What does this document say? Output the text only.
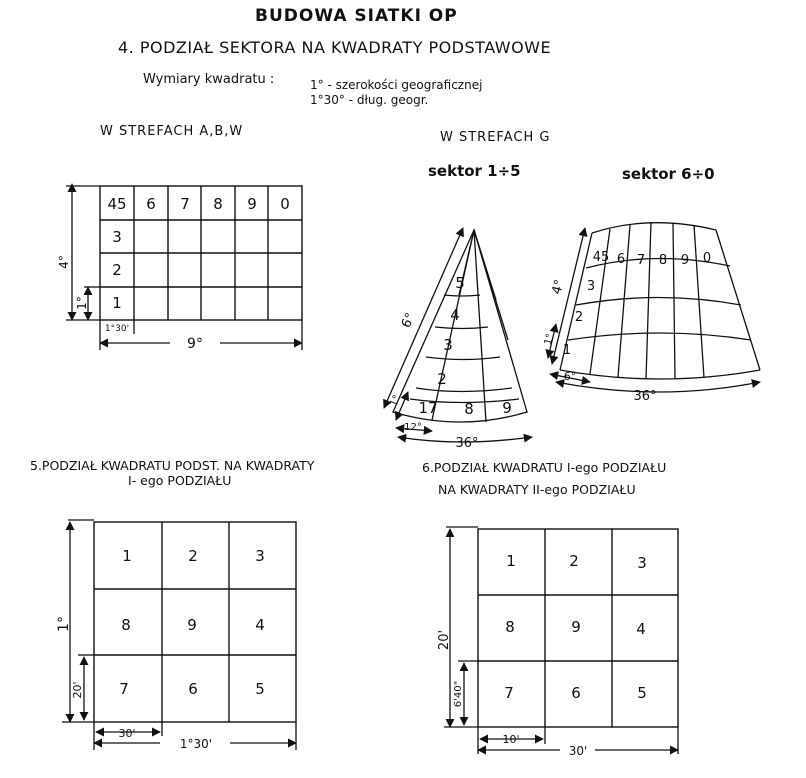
BUDOWA SIATKI OP
4. PODZIAŁ SEKTORA NA KWADRATY PODSTAWOWE
Wymiary kwadratu :	1° - szerokości geograficznej
1°30° - dług. geogr.
W STREFACH A,B,W	W STREFACH G
sektor 1÷5	sektor 6÷0
5.PODZIAŁ KWADRATU PODST. NA KWADRATY
I- ego PODZIAŁU
6.PODZIAŁ KWADRATU I-ego PODZIAŁU
NA KWADRATY II-ego PODZIAŁU
45 6 7 8 9 0
3
2
1
4°
1°
1°30'
9°
5
4
3
2
17 8 9
6°
1°
12°
36°
45 6 7 8 9 0
3
2
1
4°
1°
6°
36°
1	2	3
8	9	4
7	6	5
1°
20'
30'
1°30'
1	2	3
8	9	4
7	6	5
20'
6'40"
10'
30'
